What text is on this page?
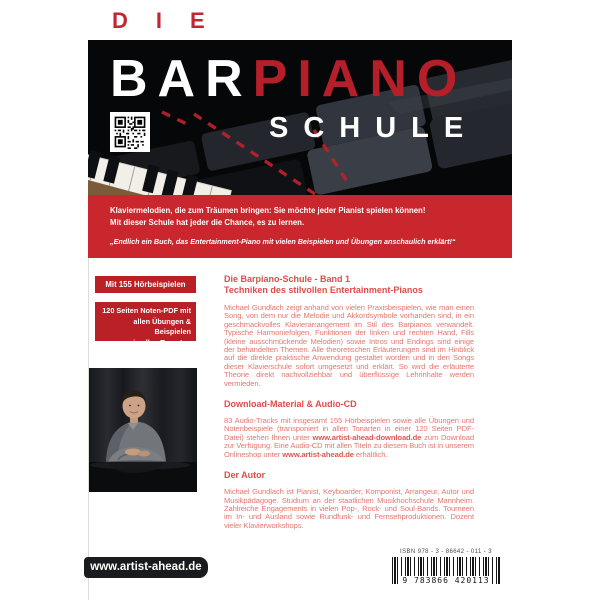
DIE
BARPIANO
SCHULE
Klaviermelodien, die zum Träumen bringen: Sie möchte jeder Pianist spielen können!
Mit dieser Schule hat jeder die Chance, es zu lernen.
„Endlich ein Buch, das Entertainment-Piano mit vielen Beispielen und Übungen anschaulich erklärt!“
Mit 155 Hörbeispielen
120 Seiten Noten-PDF mit
allen Übungen & Beispielen
in allen Tonarten

Die Barpiano-Schule - Band 1

Techniken des stilvollen Entertainment-Pianos

Michael Gundlach zeigt anhand von vielen Praxisbeispielen, wie man einen Song, von dem nur die Melodie und Akkordsymbole vorhanden sind, in ein geschmackvolles Klavierarrangement im Stil des Barpianos verwandelt. Typische Harmoniefolgen, Funktionen der linken und rechten Hand, Fills (kleine ausschmückende Melodien) sowie Intros und Endings sind einige der behandelten Themen. Alle theoretischen Erläuterungen sind im Hinblick auf die direkte praktische Anwendung gestaltet worden und in den Songs dieser Klavierschule sofort umgesetzt und erklärt. So wird die erläuterte Theorie direkt nachvollziehbar und überflüssige Lehrinhalte werden vermieden.

Download-Material & Audio-CD

83 Audio-Tracks mit insgesamt 155 Hörbeispielen sowie alle Übungen und Notenbeispiele (transponiert in allen Tonarten in einer 120 Seiten PDF-Datei) stehen Ihnen unter www.artist-ahead-download.de zum Download zur Verfügung. Eine Audio-CD mit allen Titeln zu diesem Buch ist in unserem Onlineshop unter www.artist-ahead.de erhältlich.

Der Autor

Michael Gundlach ist Pianist, Keyboarder, Komponist, Arrangeur, Autor und Musikpädagoge. Studium an der staatlichen Musikhochschule Mannheim. Zahlreiche Engagements in vielen Pop-, Rock- und Soul-Bands. Tourneen im In- und Ausland sowie Rundfunk- und Fernsehproduktionen. Dozent vieler Klavierworkshops.

www.artist-ahead.de
ISBN 978 - 3 - 86642 - 011 - 3
9 783866 420113
